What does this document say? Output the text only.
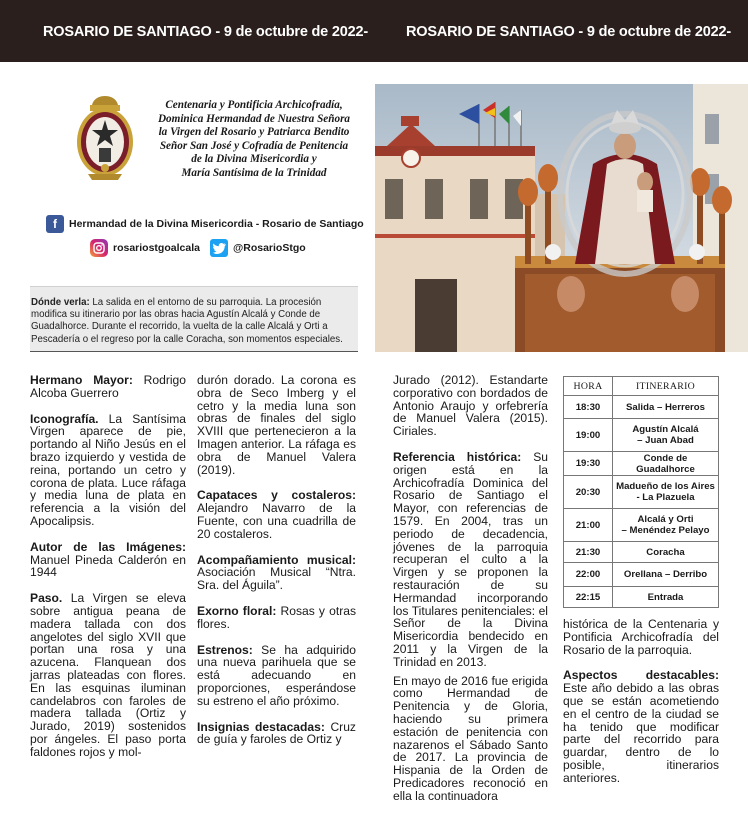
ROSARIO DE SANTIAGO - 9 de octubre de 2022-	ROSARIO DE SANTIAGO - 9 de octubre de 2022-
Centenaria y Pontificia Archicofradía,
Dominica Hermandad de Nuestra Señora
la Virgen del Rosario y Patriarca Bendito
Señor San José y Cofradía de Penitencia
de la Divina Misericordia y
María Santísima de la Trinidad
f	Hermandad de la Divina Misericordia - Rosario de Santiago
rosariostgoalcala	@RosarioStgo
Dónde verla: La salida en el entorno de su parroquia. La procesión modifica su itinerario por las obras hacia Agustín Alcalá y Conde de Guadalhorce. Durante el recorrido, la vuelta de la calle Alcalá y Orti a Pescadería o el regreso por la calle Coracha, son momentos especiales.

Hermano Mayor: Rodrigo Alcoba Guerrero

Iconografía. La Santísima Virgen aparece de pie, portando al Niño Jesús en el brazo izquierdo y vestida de reina, portando un cetro y corona de plata. Luce ráfaga y media luna de plata en referencia a la visión del Apocalipsis.

Autor de las Imágenes: Manuel Pineda Calderón en 1944

Paso. La Virgen se eleva sobre antigua peana de madera tallada con dos angelotes del siglo XVII que portan una rosa y una azucena. Flanquean dos jarras plateadas con flores. En las esquinas iluminan candelabros con faroles de madera tallada (Ortiz y Jurado, 2019) sostenidos por ángeles. El paso porta faldones rojos y mol-

durón dorado. La corona es obra de Seco Imberg y el cetro y la media luna son obras de finales del siglo XVIII que pertenecieron a la Imagen anterior. La ráfaga es obra de Manuel Valera (2019).

Capataces y costaleros: Alejandro Navarro de la Fuente, con una cuadrilla de 20 costaleros.

Acompañamiento musical: Asociación Musical “Ntra. Sra. del Águila”.

Exorno floral: Rosas y otras flores.

Estrenos: Se ha adquirido una nueva parihuela que se está adecuando en proporciones, esperándose su estreno el año próximo.

Insignias destacadas: Cruz de guía y faroles de Ortiz y

Jurado (2012). Estandarte corporativo con bordados de Antonio Araujo y orfebrería de Manuel Valera (2015). Ciriales.

Referencia histórica: Su origen está en la Archicofradía Dominica del Rosario de Santiago el Mayor, con referencias de 1579. En 2004, tras un periodo de decadencia, jóvenes de la parroquia recuperan el culto a la Virgen y se proponen la restauración de su Hermandad incorporando los Titulares penitenciales: el Señor de la Divina Misericordia bendecido en 2011 y la Virgen de la Trinidad en 2013.

En mayo de 2016 fue erigida como Hermandad de Penitencia y de Gloria, haciendo su primera estación de penitencia con nazarenos el Sábado Santo de 2017. La provincia de Hispania de la Orden de Predicadores reconoció en ella la continuadora

HORA	ITINERARIO
18:30	Salida – Herreros

19:00	Agustín Alcalá
– Juan Abad

19:30	Conde de Guadalhorce

20:30	Madueño de los Aires
- La Plazuela

21:00	Alcalá y Orti
– Menéndez Pelayo

21:30	Coracha

22:00	Orellana – Derribo

22:15	Entrada

histórica de la Centenaria y Pontificia Archicofradía del Rosario de la parroquia.

Aspectos destacables: Este año debido a las obras que se están acometiendo en el centro de la ciudad se ha tenido que modificar parte del recorrido para guardar, dentro de lo posible, itinerarios anteriores.
